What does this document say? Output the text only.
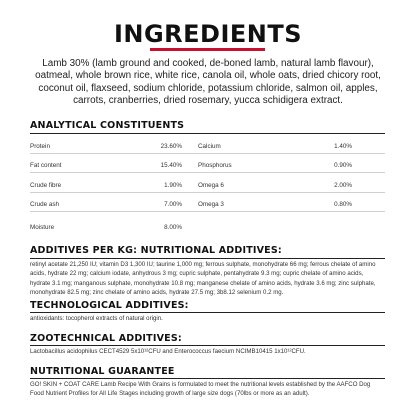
INGREDIENTS
Lamb 30% (lamb ground and cooked, de-boned lamb, natural lamb flavour), oatmeal, whole brown rice, white rice, canola oil, whole oats, dried chicory root, coconut oil, flaxseed, sodium chloride, potassium chloride, salmon oil, apples, carrots, cranberries, dried rosemary, yucca schidigera extract.
ANALYTICAL CONSTITUENTS
Protein	23.60%	Calcium	1.40%
Fat content	15.40%	Phosphorus	0.90%
Crude fibre	1.90%	Omega 6	2.00%
Crude ash	7.00%	Omega 3	0.80%
Moisture	8.00%
ADDITIVES PER KG: NUTRITIONAL ADDITIVES:
retinyl acetate 21,250 IU; vitamin D3 1,300 IU; taurine 1,000 mg; ferrous sulphate, monohydrate 66 mg; ferrous chelate of amino acids, hydrate 22 mg; calcium iodate, anhydrous 3 mg; cupric sulphate, pentahydrate 9.3 mg; cupric chelate of amino acids, hydrate 3.1 mg; manganous sulphate, monohydrate 10.8 mg; manganese chelate of amino acids, hydrate 3.6 mg; zinc sulphate, monohydrate 82.5 mg; zinc chelate of amino acids, hydrate 27.5 mg; 3b8.12 selenium 0.2 mg.
TECHNOLOGICAL ADDITIVES:
antioxidants: tocopherol extracts of natural origin.
ZOOTECHNICAL ADDITIVES:
Lactobacillus acidophilus CECT4529 5x10¹²CFU and Enterococcus faecium NCIMB10415 1x10¹²CFU.
NUTRITIONAL GUARANTEE
GO! SKIN + COAT CARE Lamb Recipe With Grains is formulated to meet the nutritional levels established by the AAFCO Dog Food Nutrient Profiles for All Life Stages including growth of large size dogs (70lbs or more as an adult).
